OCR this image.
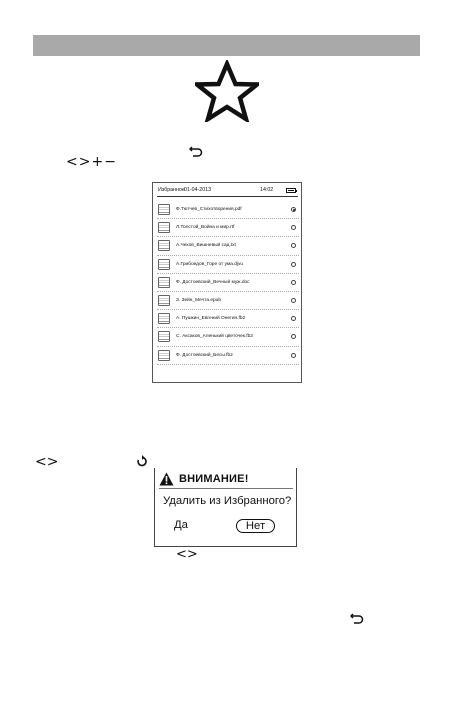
<>+−
Избранное 01-04-2013	14:02
Ф.Тютчев_Стихотворения.pdf
Л.Толстой_Война и мир.rtf
А.Чехов_Вишневый сад.txt
А.Грибоедов_Горе от ума.djvu
Ф. Достоевский_Вечный муж.doc
З. Зейн_Мечта.epub
А. Пушкин_Евгений Онегин.fb2
С. Аксаков_Аленький цветочек.fb2
Ф. Достоевский_Бесы.fb2
<>
ВНИМАНИЕ!
Удалить из Избранного?
Да	Нет
<>
